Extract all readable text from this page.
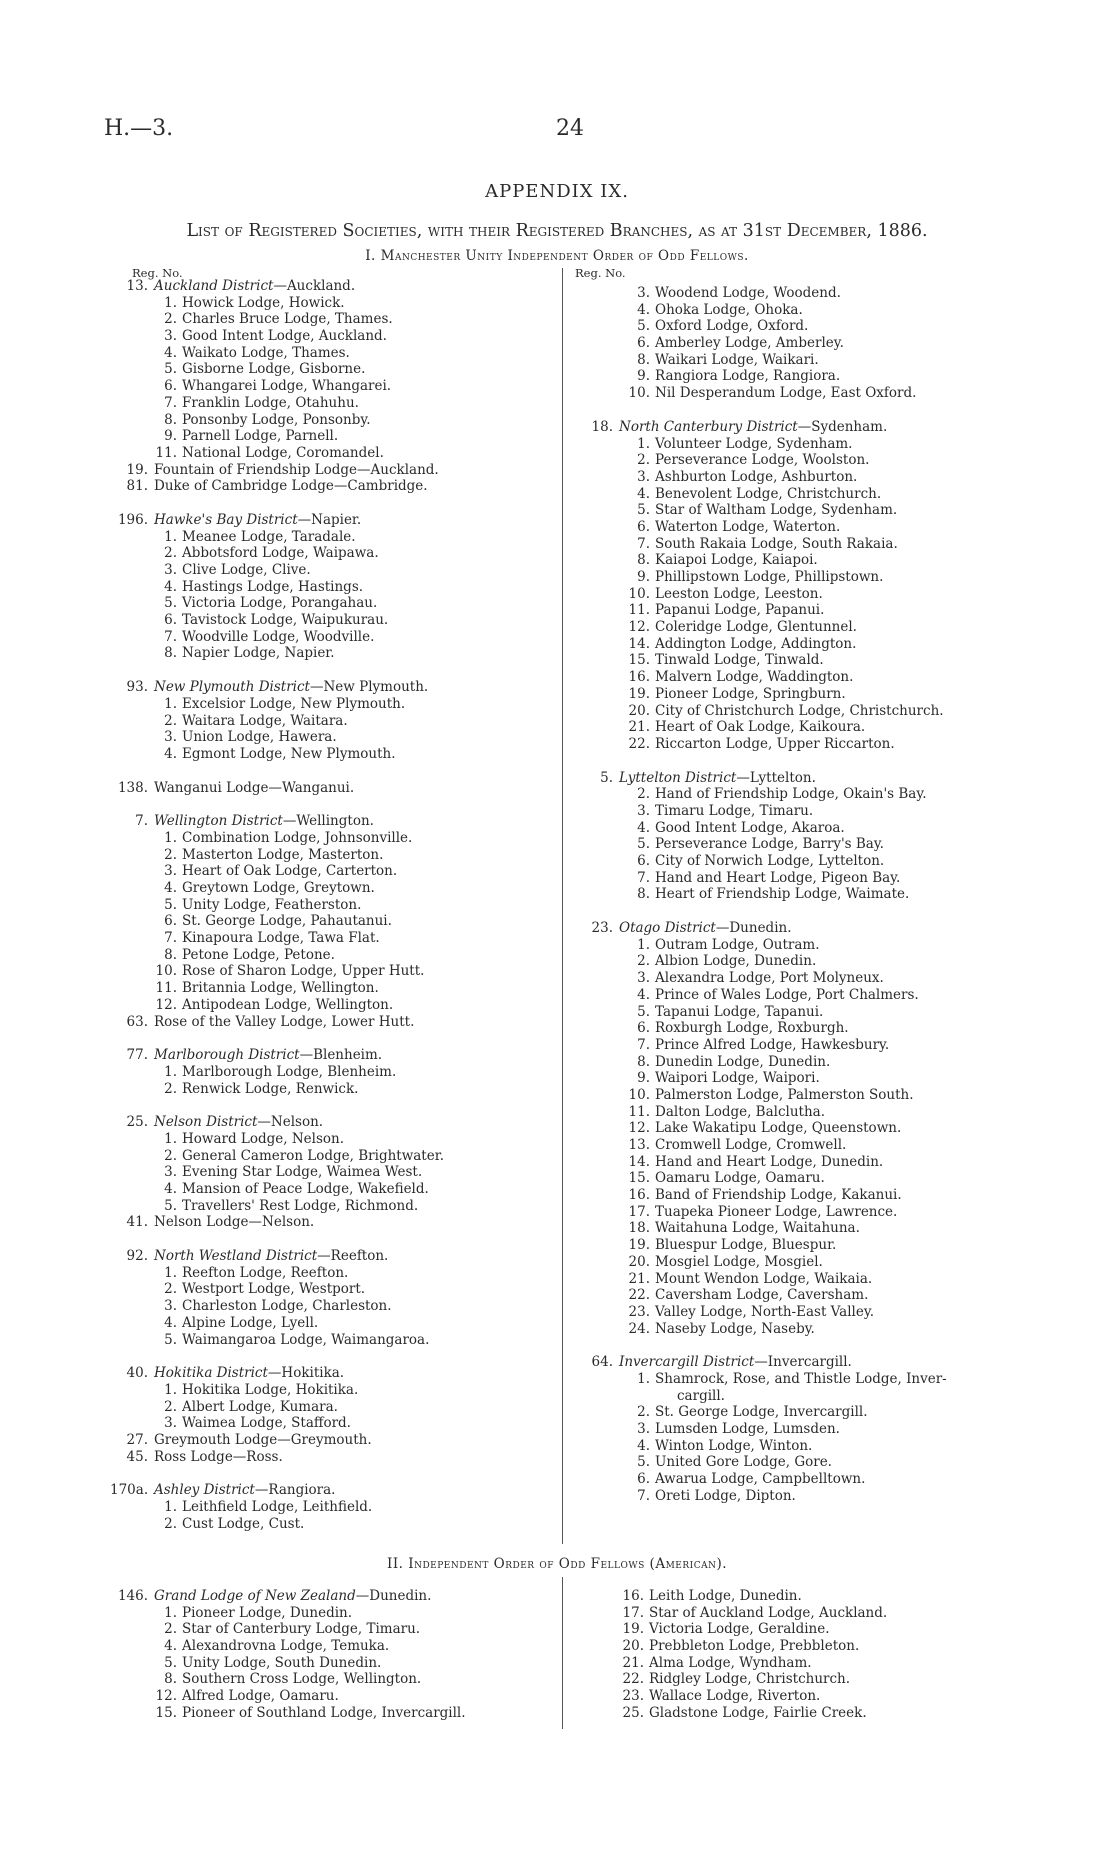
H.—3.	24
APPENDIX IX.
List of Registered Societies, with their Registered Branches, as at 31st December, 1886.
I. Manchester Unity Independent Order of Odd Fellows.
Reg. No.	Reg. No.
13. Auckland District—Auckland.
1. Howick Lodge, Howick.
2. Charles Bruce Lodge, Thames.
3. Good Intent Lodge, Auckland.
4. Waikato Lodge, Thames.
5. Gisborne Lodge, Gisborne.
6. Whangarei Lodge, Whangarei.
7. Franklin Lodge, Otahuhu.
8. Ponsonby Lodge, Ponsonby.
9. Parnell Lodge, Parnell.
11. National Lodge, Coromandel.
19. Fountain of Friendship Lodge—Auckland.
81. Duke of Cambridge Lodge—Cambridge.
196. Hawke's Bay District—Napier.
1. Meanee Lodge, Taradale.
2. Abbotsford Lodge, Waipawa.
3. Clive Lodge, Clive.
4. Hastings Lodge, Hastings.
5. Victoria Lodge, Porangahau.
6. Tavistock Lodge, Waipukurau.
7. Woodville Lodge, Woodville.
8. Napier Lodge, Napier.
93. New Plymouth District—New Plymouth.
1. Excelsior Lodge, New Plymouth.
2. Waitara Lodge, Waitara.
3. Union Lodge, Hawera.
4. Egmont Lodge, New Plymouth.
138. Wanganui Lodge—Wanganui.
7. Wellington District—Wellington.
1. Combination Lodge, Johnsonville.
2. Masterton Lodge, Masterton.
3. Heart of Oak Lodge, Carterton.
4. Greytown Lodge, Greytown.
5. Unity Lodge, Featherston.
6. St. George Lodge, Pahautanui.
7. Kinapoura Lodge, Tawa Flat.
8. Petone Lodge, Petone.
10. Rose of Sharon Lodge, Upper Hutt.
11. Britannia Lodge, Wellington.
12. Antipodean Lodge, Wellington.
63. Rose of the Valley Lodge, Lower Hutt.
77. Marlborough District—Blenheim.
1. Marlborough Lodge, Blenheim.
2. Renwick Lodge, Renwick.
25. Nelson District—Nelson.
1. Howard Lodge, Nelson.
2. General Cameron Lodge, Brightwater.
3. Evening Star Lodge, Waimea West.
4. Mansion of Peace Lodge, Wakefield.
5. Travellers' Rest Lodge, Richmond.
41. Nelson Lodge—Nelson.
92. North Westland District—Reefton.
1. Reefton Lodge, Reefton.
2. Westport Lodge, Westport.
3. Charleston Lodge, Charleston.
4. Alpine Lodge, Lyell.
5. Waimangaroa Lodge, Waimangaroa.
40. Hokitika District—Hokitika.
1. Hokitika Lodge, Hokitika.
2. Albert Lodge, Kumara.
3. Waimea Lodge, Stafford.
27. Greymouth Lodge—Greymouth.
45. Ross Lodge—Ross.
170a. Ashley District—Rangiora.
1. Leithfield Lodge, Leithfield.
2. Cust Lodge, Cust.
3. Woodend Lodge, Woodend.
4. Ohoka Lodge, Ohoka.
5. Oxford Lodge, Oxford.
6. Amberley Lodge, Amberley.
8. Waikari Lodge, Waikari.
9. Rangiora Lodge, Rangiora.
10. Nil Desperandum Lodge, East Oxford.
18. North Canterbury District—Sydenham.
1. Volunteer Lodge, Sydenham.
2. Perseverance Lodge, Woolston.
3. Ashburton Lodge, Ashburton.
4. Benevolent Lodge, Christchurch.
5. Star of Waltham Lodge, Sydenham.
6. Waterton Lodge, Waterton.
7. South Rakaia Lodge, South Rakaia.
8. Kaiapoi Lodge, Kaiapoi.
9. Phillipstown Lodge, Phillipstown.
10. Leeston Lodge, Leeston.
11. Papanui Lodge, Papanui.
12. Coleridge Lodge, Glentunnel.
14. Addington Lodge, Addington.
15. Tinwald Lodge, Tinwald.
16. Malvern Lodge, Waddington.
19. Pioneer Lodge, Springburn.
20. City of Christchurch Lodge, Christchurch.
21. Heart of Oak Lodge, Kaikoura.
22. Riccarton Lodge, Upper Riccarton.
5. Lyttelton District—Lyttelton.
2. Hand of Friendship Lodge, Okain's Bay.
3. Timaru Lodge, Timaru.
4. Good Intent Lodge, Akaroa.
5. Perseverance Lodge, Barry's Bay.
6. City of Norwich Lodge, Lyttelton.
7. Hand and Heart Lodge, Pigeon Bay.
8. Heart of Friendship Lodge, Waimate.
23. Otago District—Dunedin.
1. Outram Lodge, Outram.
2. Albion Lodge, Dunedin.
3. Alexandra Lodge, Port Molyneux.
4. Prince of Wales Lodge, Port Chalmers.
5. Tapanui Lodge, Tapanui.
6. Roxburgh Lodge, Roxburgh.
7. Prince Alfred Lodge, Hawkesbury.
8. Dunedin Lodge, Dunedin.
9. Waipori Lodge, Waipori.
10. Palmerston Lodge, Palmerston South.
11. Dalton Lodge, Balclutha.
12. Lake Wakatipu Lodge, Queenstown.
13. Cromwell Lodge, Cromwell.
14. Hand and Heart Lodge, Dunedin.
15. Oamaru Lodge, Oamaru.
16. Band of Friendship Lodge, Kakanui.
17. Tuapeka Pioneer Lodge, Lawrence.
18. Waitahuna Lodge, Waitahuna.
19. Bluespur Lodge, Bluespur.
20. Mosgiel Lodge, Mosgiel.
21. Mount Wendon Lodge, Waikaia.
22. Caversham Lodge, Caversham.
23. Valley Lodge, North-East Valley.
24. Naseby Lodge, Naseby.
64. Invercargill District—Invercargill.
1. Shamrock, Rose, and Thistle Lodge, Inver-
cargill.
2. St. George Lodge, Invercargill.
3. Lumsden Lodge, Lumsden.
4. Winton Lodge, Winton.
5. United Gore Lodge, Gore.
6. Awarua Lodge, Campbelltown.
7. Oreti Lodge, Dipton.
II. Independent Order of Odd Fellows (American).
146. Grand Lodge of New Zealand—Dunedin.
1. Pioneer Lodge, Dunedin.
2. Star of Canterbury Lodge, Timaru.
4. Alexandrovna Lodge, Temuka.
5. Unity Lodge, South Dunedin.
8. Southern Cross Lodge, Wellington.
12. Alfred Lodge, Oamaru.
15. Pioneer of Southland Lodge, Invercargill.
16. Leith Lodge, Dunedin.
17. Star of Auckland Lodge, Auckland.
19. Victoria Lodge, Geraldine.
20. Prebbleton Lodge, Prebbleton.
21. Alma Lodge, Wyndham.
22. Ridgley Lodge, Christchurch.
23. Wallace Lodge, Riverton.
25. Gladstone Lodge, Fairlie Creek.
